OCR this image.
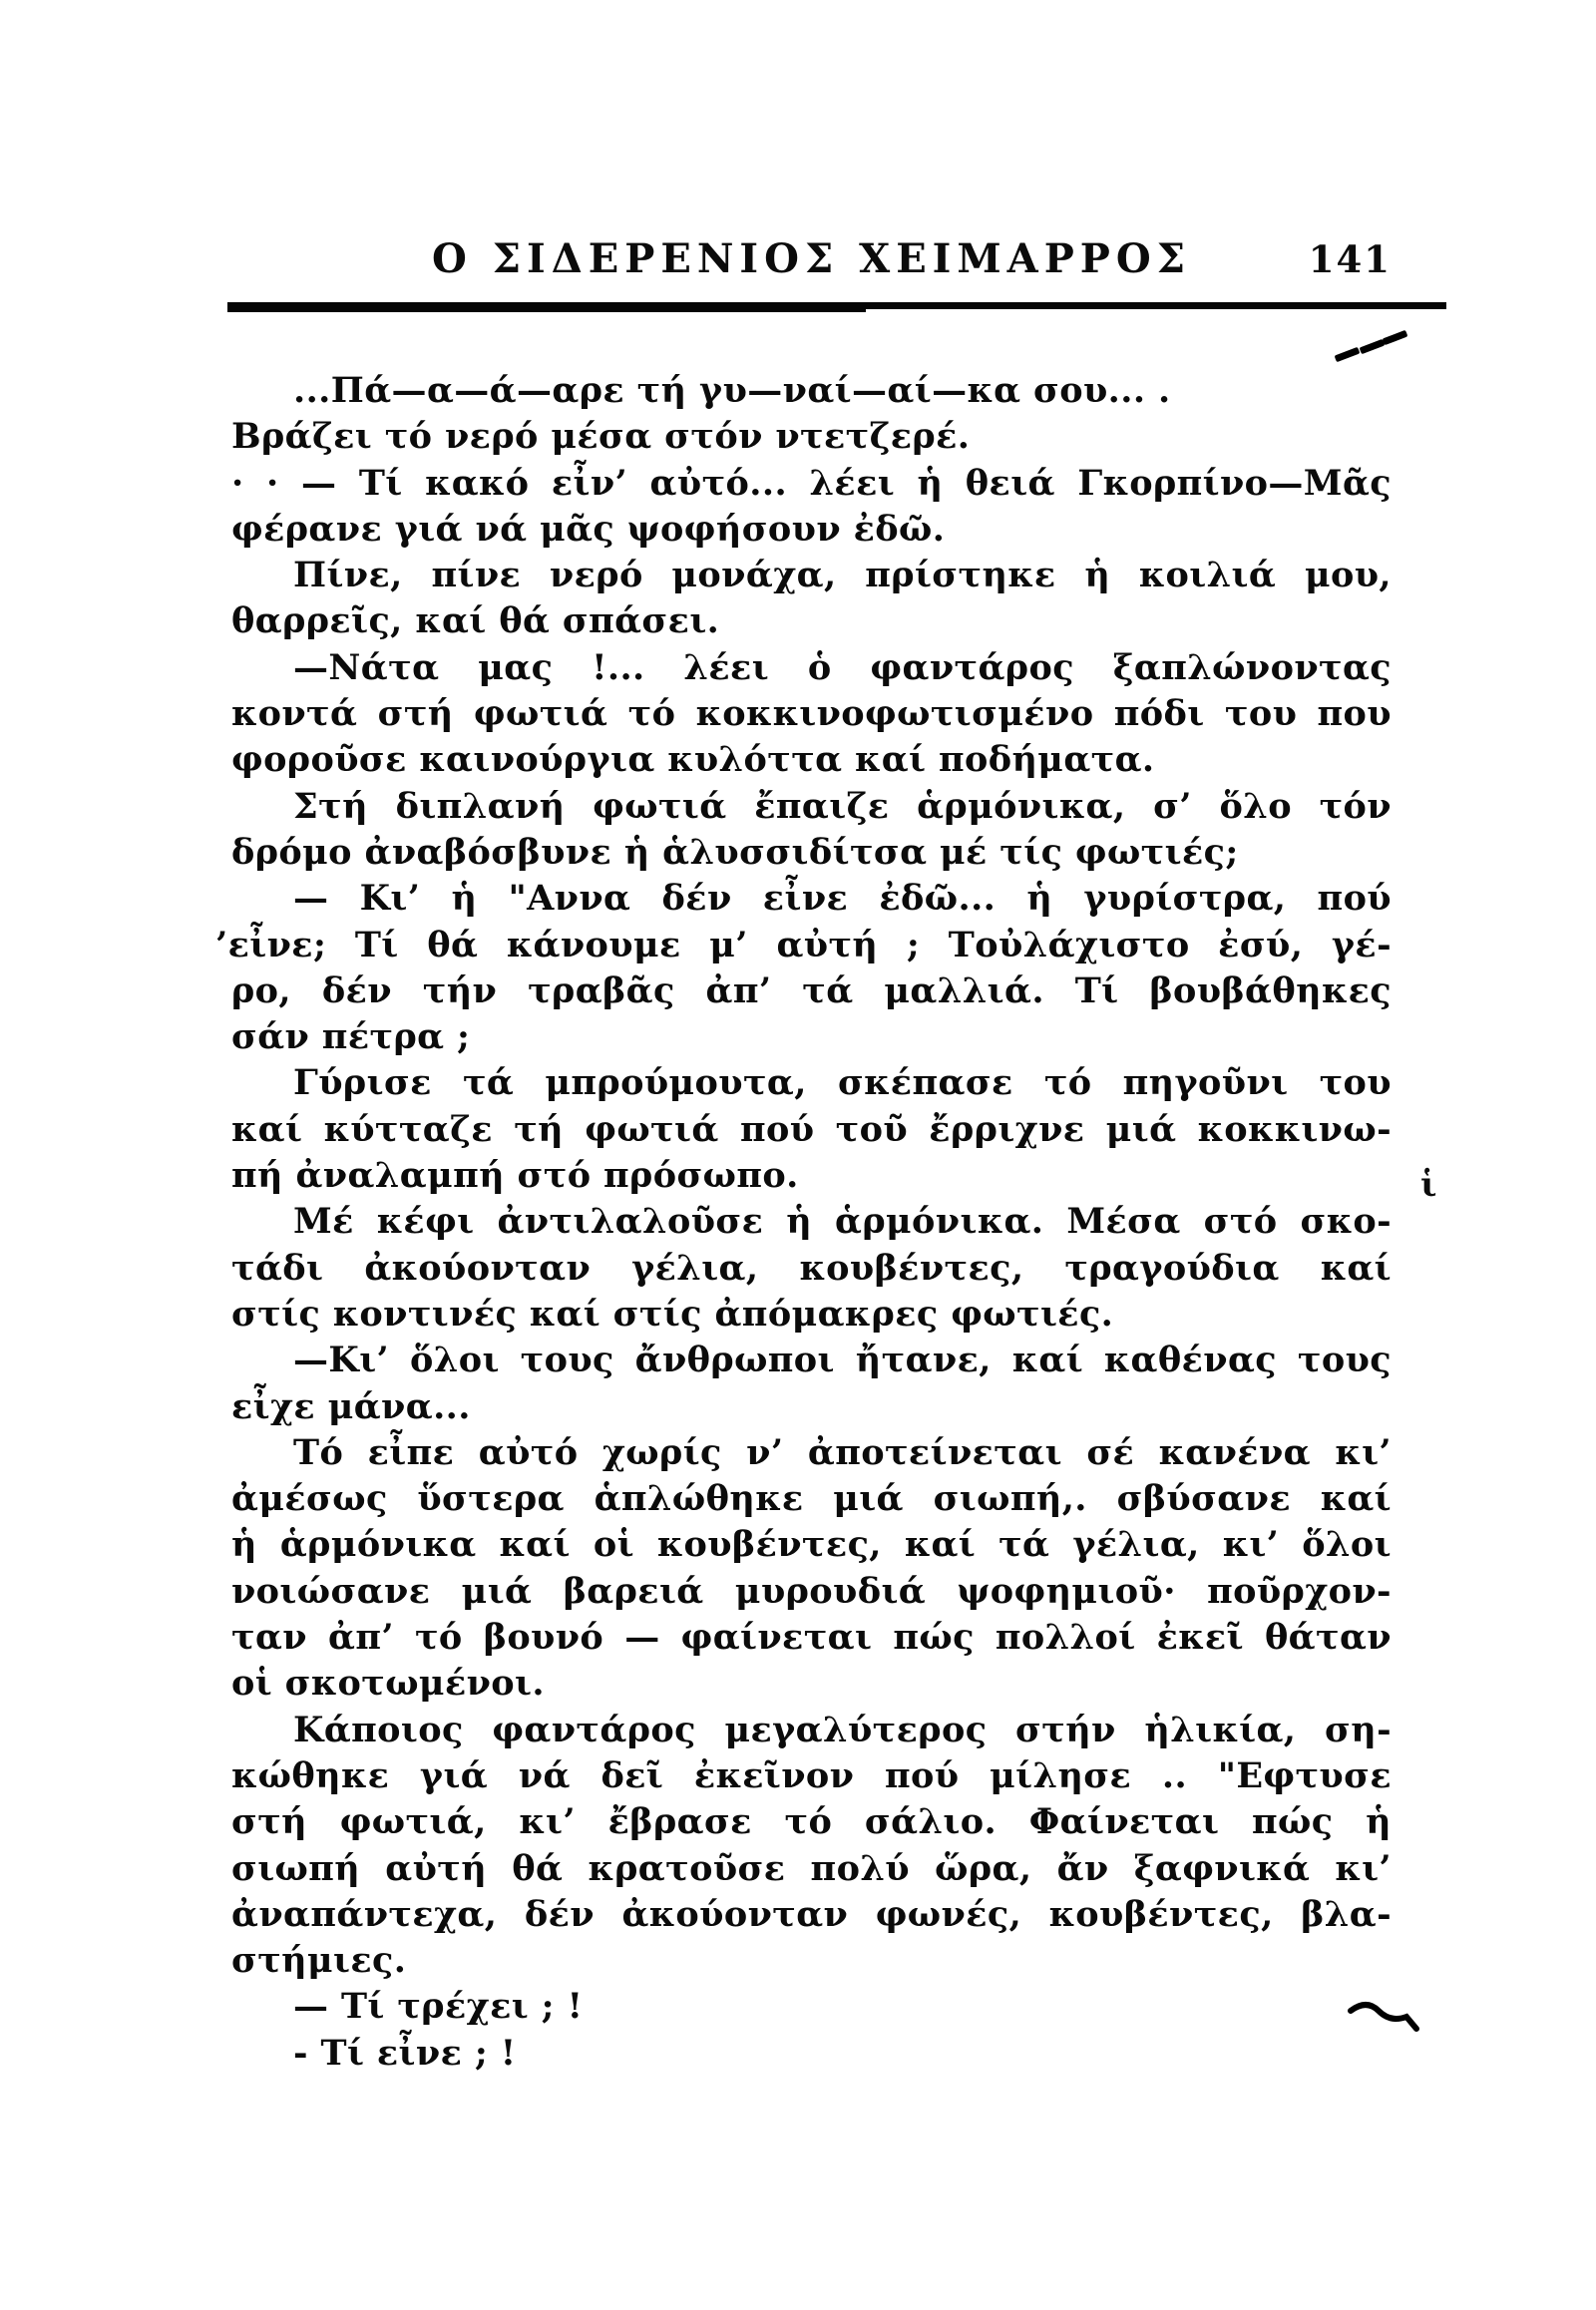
Ο ΣΙΔΕΡΕΝΙΟΣ ΧΕΙΜΑΡΡΟΣ	141
...Πά—α—ά—αρε τή γυ—ναί—αί—κα σου... .
Βράζει τό νερό μέσα στόν ντετζερέ.
· · — Τί κακό εἶν’ αὐτό... λέει ἡ θειά Γκορπίνο—Μᾶς
φέρανε γιά νά μᾶς ψοφήσουν ἐδῶ.
Πίνε, πίνε νερό μονάχα, πρίστηκε ἡ κοιλιά μου,
θαρρεῖς, καί θά σπάσει.
—Νάτα μας !... λέει ὁ φαντάρος ξαπλώνοντας
κοντά στή φωτιά τό κοκκινοφωτισμένο πόδι του που
φοροῦσε καινούργια κυλόττα καί ποδήματα.
Στή διπλανή φωτιά ἔπαιζε ἁρμόνικα, σ’ ὅλο τόν
δρόμο ἀναβόσβυνε ἡ ἁλυσσιδίτσα μέ τίς φωτιές;
— Κι’ ἡ "Αννα δέν εἶνε ἐδῶ... ἡ γυρίστρα, πού
’εἶνε; Τί θά κάνουμε μ’ αὐτή ; Τοὐλάχιστο ἐσύ, γέ-
ρο, δέν τήν τραβᾶς ἀπ’ τά μαλλιά. Τί βουβάθηκες
σάν πέτρα ;
Γύρισε τά μπρούμουτα, σκέπασε τό πηγοῦνι του
καί κύτταζε τή φωτιά πού τοῦ ἔρριχνε μιά κοκκινω-
πή ἀναλαμπή στό πρόσωπο.
Μέ κέφι ἀντιλαλοῦσε ἡ ἁρμόνικα. Μέσα στό σκο-
τάδι ἀκούονταν γέλια, κουβέντες, τραγούδια καί
στίς κοντινές καί στίς ἀπόμακρες φωτιές.
—Κι’ ὅλοι τους ἄνθρωποι ἤτανε, καί καθένας τους
εἶχε μάνα...
Τό εἶπε αὐτό χωρίς ν’ ἀποτείνεται σέ κανένα κι’
ἀμέσως ὕστερα ἁπλώθηκε μιά σιωπή,. σβύσανε καί
ἡ ἁρμόνικα καί οἱ κουβέντες, καί τά γέλια, κι’ ὅλοι
νοιώσανε μιά βαρειά μυρουδιά ψοφημιοῦ· ποῦρχον-
ταν ἀπ’ τό βουνό — φαίνεται πώς πολλοί ἐκεῖ θάταν
οἱ σκοτωμένοι.
Κάποιος φαντάρος μεγαλύτερος στήν ἡλικία, ση-
κώθηκε γιά νά δεῖ ἐκεῖνον πού μίλησε .. "Εφτυσε
στή φωτιά, κι’ ἔβρασε τό σάλιο. Φαίνεται πώς ἡ
σιωπή αὐτή θά κρατοῦσε πολύ ὥρα, ἄν ξαφνικά κι’
ἀναπάντεχα, δέν ἀκούονταν φωνές, κουβέντες, βλα-
στήμιες.
— Τί τρέχει ; !
- Τί εἶνε ; !
ἱ
